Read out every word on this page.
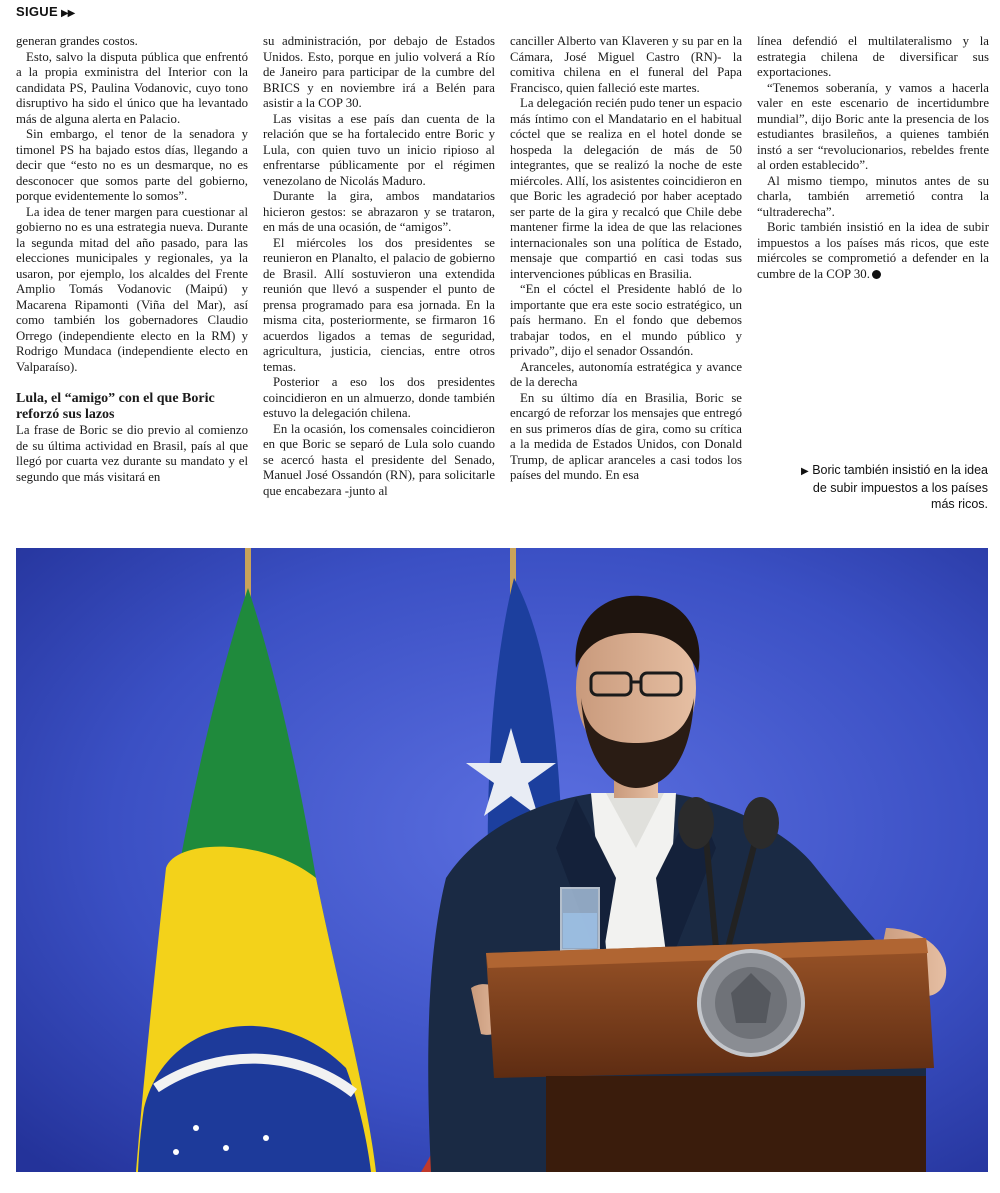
SIGUE ▶▶

generan grandes costos.

Esto, salvo la disputa pública que enfrentó a la propia exministra del Interior con la candidata PS, Paulina Vodanovic, cuyo tono disruptivo ha sido el único que ha levantado más de alguna alerta en Palacio.

Sin embargo, el tenor de la senadora y timonel PS ha bajado estos días, llegando a decir que “esto no es un desmarque, no es desconocer que somos parte del gobierno, porque evidentemente lo somos”.

La idea de tener margen para cuestionar al gobierno no es una estrategia nueva. Durante la segunda mitad del año pasado, para las elecciones municipales y regionales, ya la usaron, por ejemplo, los alcaldes del Frente Amplio Tomás Vodanovic (Maipú) y Macarena Ripamonti (Viña del Mar), así como también los gobernadores Claudio Orrego (independiente electo en la RM) y Rodrigo Mundaca (independiente electo en Valparaíso).

Lula, el “amigo” con el que Boric reforzó sus lazos

La frase de Boric se dio previo al comienzo de su última actividad en Brasil, país al que llegó por cuarta vez durante su mandato y el segundo que más visitará en

su administración, por debajo de Estados Unidos. Esto, porque en julio volverá a Río de Janeiro para participar de la cumbre del BRICS y en noviembre irá a Belén para asistir a la COP 30.

Las visitas a ese país dan cuenta de la relación que se ha fortalecido entre Boric y Lula, con quien tuvo un inicio ripioso al enfrentarse públicamente por el régimen venezolano de Nicolás Maduro.

Durante la gira, ambos mandatarios hicieron gestos: se abrazaron y se trataron, en más de una ocasión, de “amigos”.

El miércoles los dos presidentes se reunieron en Planalto, el palacio de gobierno de Brasil. Allí sostuvieron una extendida reunión que llevó a suspender el punto de prensa programado para esa jornada. En la misma cita, posteriormente, se firmaron 16 acuerdos ligados a temas de seguridad, agricultura, justicia, ciencias, entre otros temas.

Posterior a eso los dos presidentes coincidieron en un almuerzo, donde también estuvo la delegación chilena.

En la ocasión, los comensales coincidieron en que Boric se separó de Lula solo cuando se acercó hasta el presidente del Senado, Manuel José Ossandón (RN), para solicitarle que encabezara -junto al

canciller Alberto van Klaveren y su par en la Cámara, José Miguel Castro (RN)- la comitiva chilena en el funeral del Papa Francisco, quien falleció este martes.

La delegación recién pudo tener un espacio más íntimo con el Mandatario en el habitual cóctel que se realiza en el hotel donde se hospeda la delegación de más de 50 integrantes, que se realizó la noche de este miércoles. Allí, los asistentes coincidieron en que Boric les agradeció por haber aceptado ser parte de la gira y recalcó que Chile debe mantener firme la idea de que las relaciones internacionales son una política de Estado, mensaje que compartió en casi todas sus intervenciones públicas en Brasilia.

“En el cóctel el Presidente habló de lo importante que era este socio estratégico, un país hermano. En el fondo que debemos trabajar todos, en el mundo público y privado”, dijo el senador Ossandón.

Aranceles, autonomía estratégica y avance de la derecha

En su último día en Brasilia, Boric se encargó de reforzar los mensajes que entregó en sus primeros días de gira, como su crítica a la medida de Estados Unidos, con Donald Trump, de aplicar aranceles a casi todos los países del mundo. En esa

línea defendió el multilateralismo y la estrategia chilena de diversificar sus exportaciones.

“Tenemos soberanía, y vamos a hacerla valer en este escenario de incertidumbre mundial”, dijo Boric ante la presencia de los estudiantes brasileños, a quienes también instó a ser “revolucionarios, rebeldes frente al orden establecido”.

Al mismo tiempo, minutos antes de su charla, también arremetió contra la “ultraderecha”.

Boric también insistió en la idea de subir impuestos a los países más ricos, que este miércoles se comprometió a defender en la cumbre de la COP 30.

▶ Boric también insistió en la idea de subir impuestos a los países más ricos.
